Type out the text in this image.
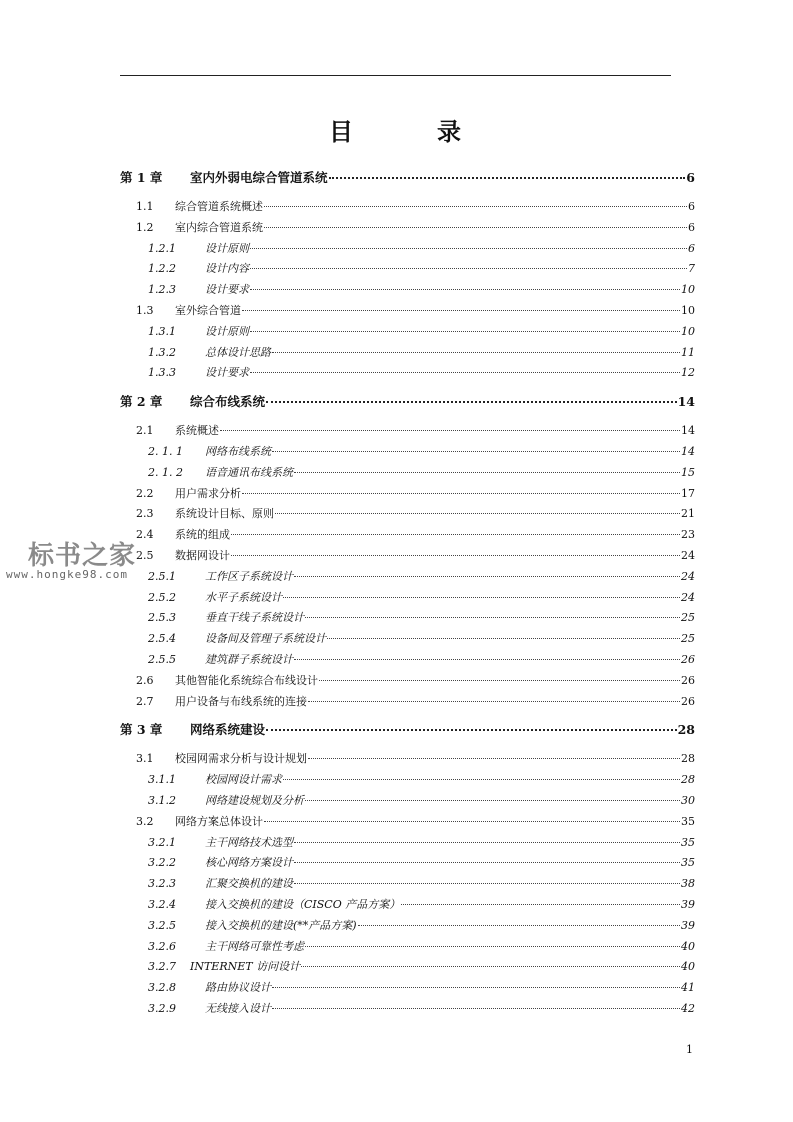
目　录
第 1 章	室内外弱电综合管道系统	6
1.1	综合管道系统概述	6
1.2	室内综合管道系统	6
1.2.1	设计原则	6
1.2.2	设计内容	7
1.2.3	设计要求	10
1.3	室外综合管道	10
1.3.1	设计原则	10
1.3.2	总体设计思路	11
1.3.3	设计要求	12
第 2 章	综合布线系统	14
2.1	系统概述	14
2. 1. 1	网络布线系统	14
2. 1. 2	语音通讯布线系统	15
2.2	用户需求分析	17
2.3	系统设计目标、原则	21
2.4	系统的组成	23
2.5	数据网设计	24
2.5.1	工作区子系统设计	24
2.5.2	水平子系统设计	24
2.5.3	垂直干线子系统设计	25
2.5.4	设备间及管理子系统设计	25
2.5.5	建筑群子系统设计	26
2.6	其他智能化系统综合布线设计	26
2.7	用户设备与布线系统的连接	26
第 3 章	网络系统建设	28
3.1	校园网需求分析与设计规划	28
3.1.1	校园网设计需求	28
3.1.2	网络建设规划及分析	30
3.2	网络方案总体设计	35
3.2.1	主干网络技术选型	35
3.2.2	核心网络方案设计	35
3.2.3	汇聚交换机的建设	38
3.2.4	接入交换机的建设（CISCO 产品方案）	39
3.2.5	接入交换机的建设(**产品方案)	39
3.2.6	主干网络可靠性考虑	40
3.2.7	INTERNET 访问设计	40
3.2.8	路由协议设计	41
3.2.9	无线接入设计	42
标书之家
www.hongke98.com
1
